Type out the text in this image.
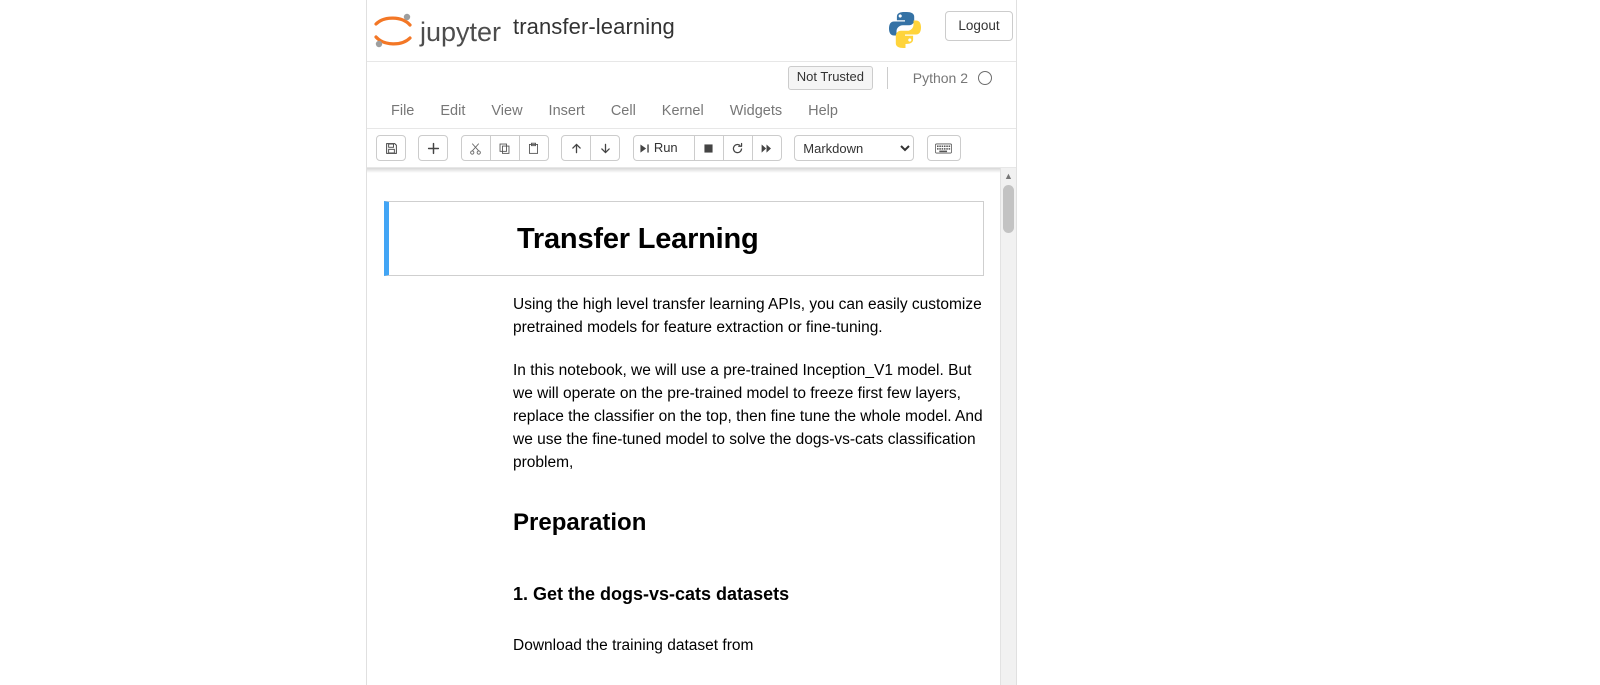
jupyter transfer-learning	Logout
Not Trusted	Python 2
File Edit View Insert Cell Kernel Widgets Help
Run
Markdown
Transfer Learning

Using the high level transfer learning APIs, you can easily customize pretrained models for feature extraction or fine-tuning.

In this notebook, we will use a pre-trained Inception_V1 model. But we will operate on the pre-trained model to freeze first few layers, replace the classifier on the top, then fine tune the whole model. And we use the fine-tuned model to solve the dogs-vs-cats classification problem,

Preparation
1. Get the dogs-vs-cats datasets

Download the training dataset from

▲
